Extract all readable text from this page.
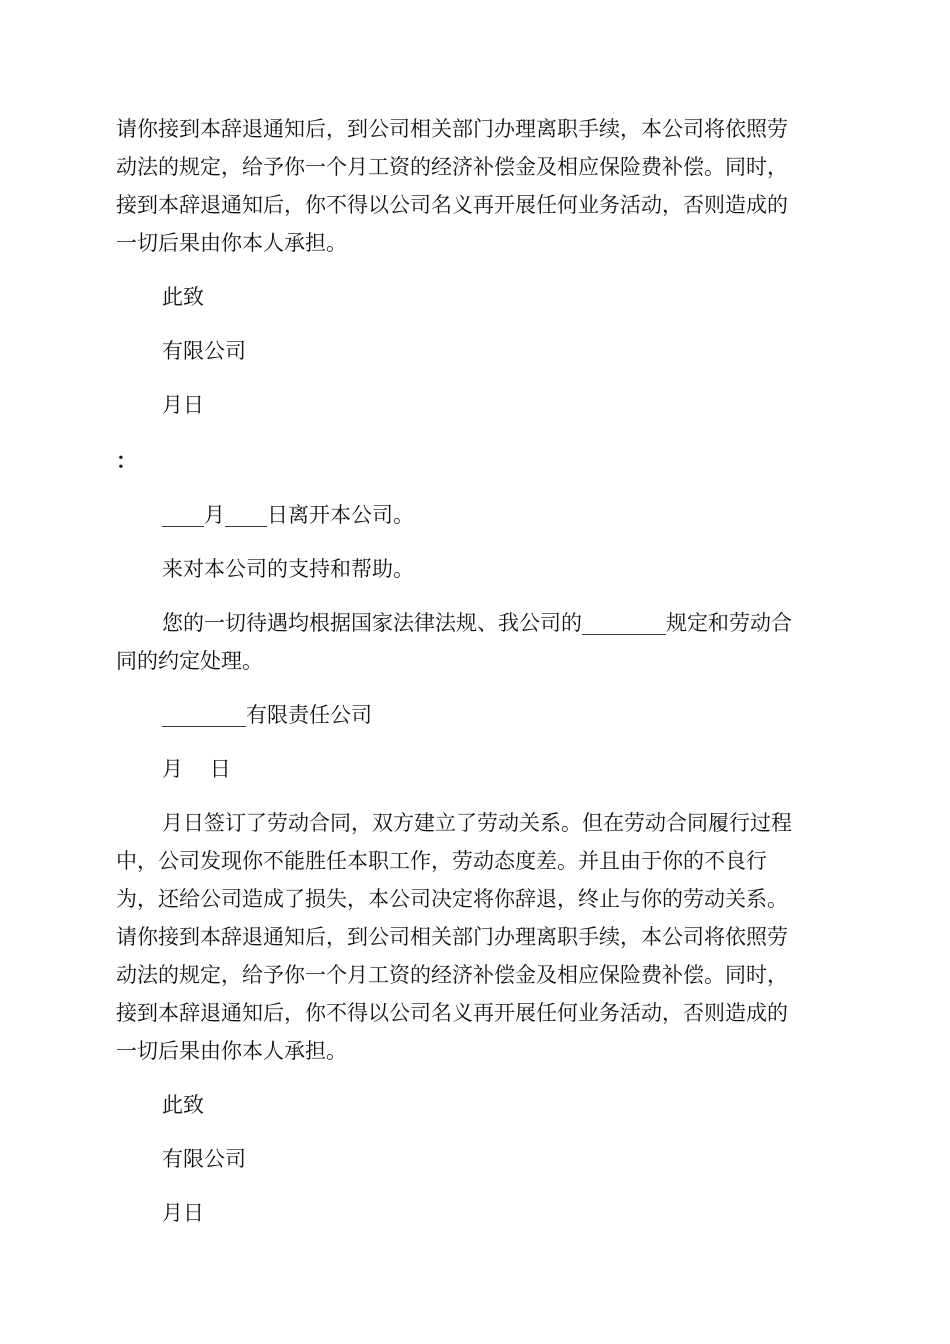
请你接到本辞退通知后，到公司相关部门办理离职手续，本公司将依照劳
动法的规定，给予你一个月工资的经济补偿金及相应保险费补偿。同时，
接到本辞退通知后，你不得以公司名义再开展任何业务活动，否则造成的
一切后果由你本人承担。
此致
有限公司
月日
：
____月____日离开本公司。
来对本公司的支持和帮助。
您的一切待遇均根据国家法律法规、我公司的________规定和劳动合
同的约定处理。
________有限责任公司
月    日
月日签订了劳动合同，双方建立了劳动关系。但在劳动合同履行过程
中，公司发现你不能胜任本职工作，劳动态度差。并且由于你的不良行
为，还给公司造成了损失，本公司决定将你辞退，终止与你的劳动关系。
请你接到本辞退通知后，到公司相关部门办理离职手续，本公司将依照劳
动法的规定，给予你一个月工资的经济补偿金及相应保险费补偿。同时，
接到本辞退通知后，你不得以公司名义再开展任何业务活动，否则造成的
一切后果由你本人承担。
此致
有限公司
月日
